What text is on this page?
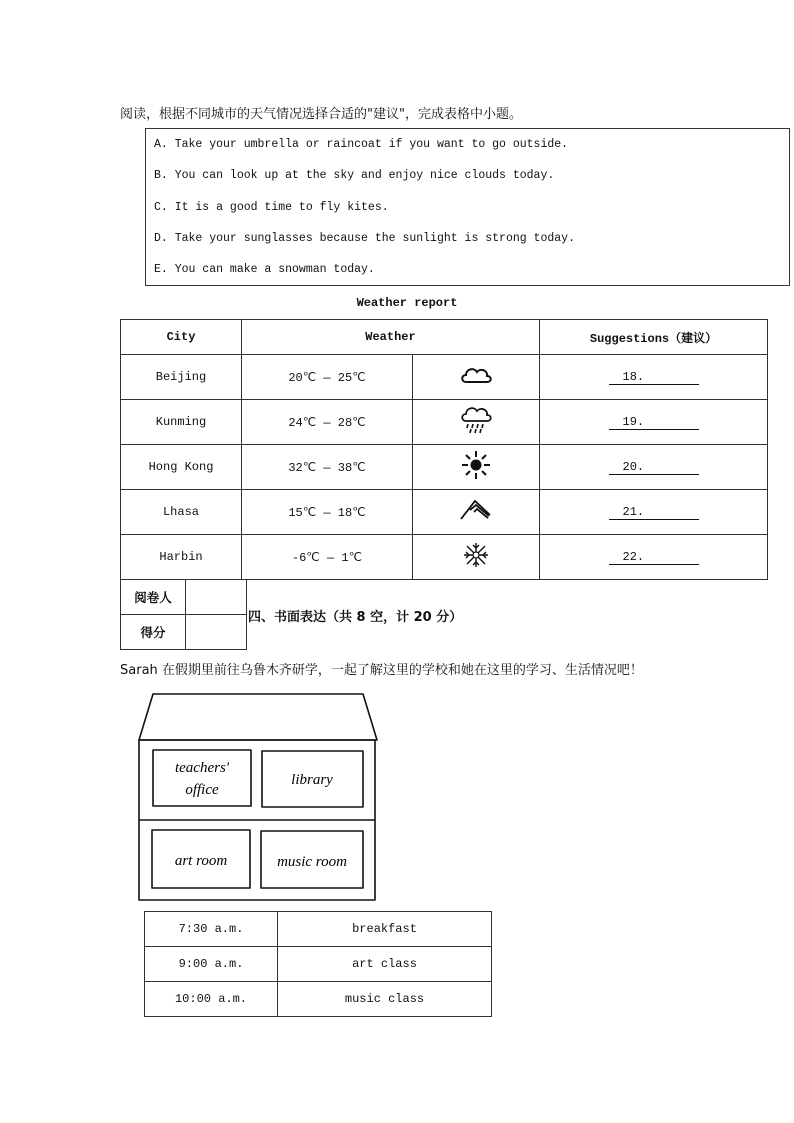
阅读，根据不同城市的天气情况选择合适的"建议"，完成表格中小题。
A. Take your umbrella or raincoat if you want to go outside.
B. You can look up at the sky and enjoy nice clouds today.
C. It is a good time to fly kites.
D. Take your sunglasses because the sunlight is strong today.
E. You can make a snowman today.
Weather report
City	Weather		Suggestions（建议）
Beijing	20℃ — 25℃		18.
Kunming	24℃ — 28℃		19.
Hong Kong	32℃ — 38℃		20.
Lhasa	15℃ — 18℃		21.
Harbin	-6℃ — 1℃		22.
阅卷人	
得分	
四、书面表达（共 8 空，计 20 分）
Sarah 在假期里前往乌鲁木齐研学，一起了解这里的学校和她在这里的学习、生活情况吧！
teachers'
office
library
art room	music room
7:30 a.m.	breakfast
9:00 a.m.	art class
10:00 a.m.	music class
